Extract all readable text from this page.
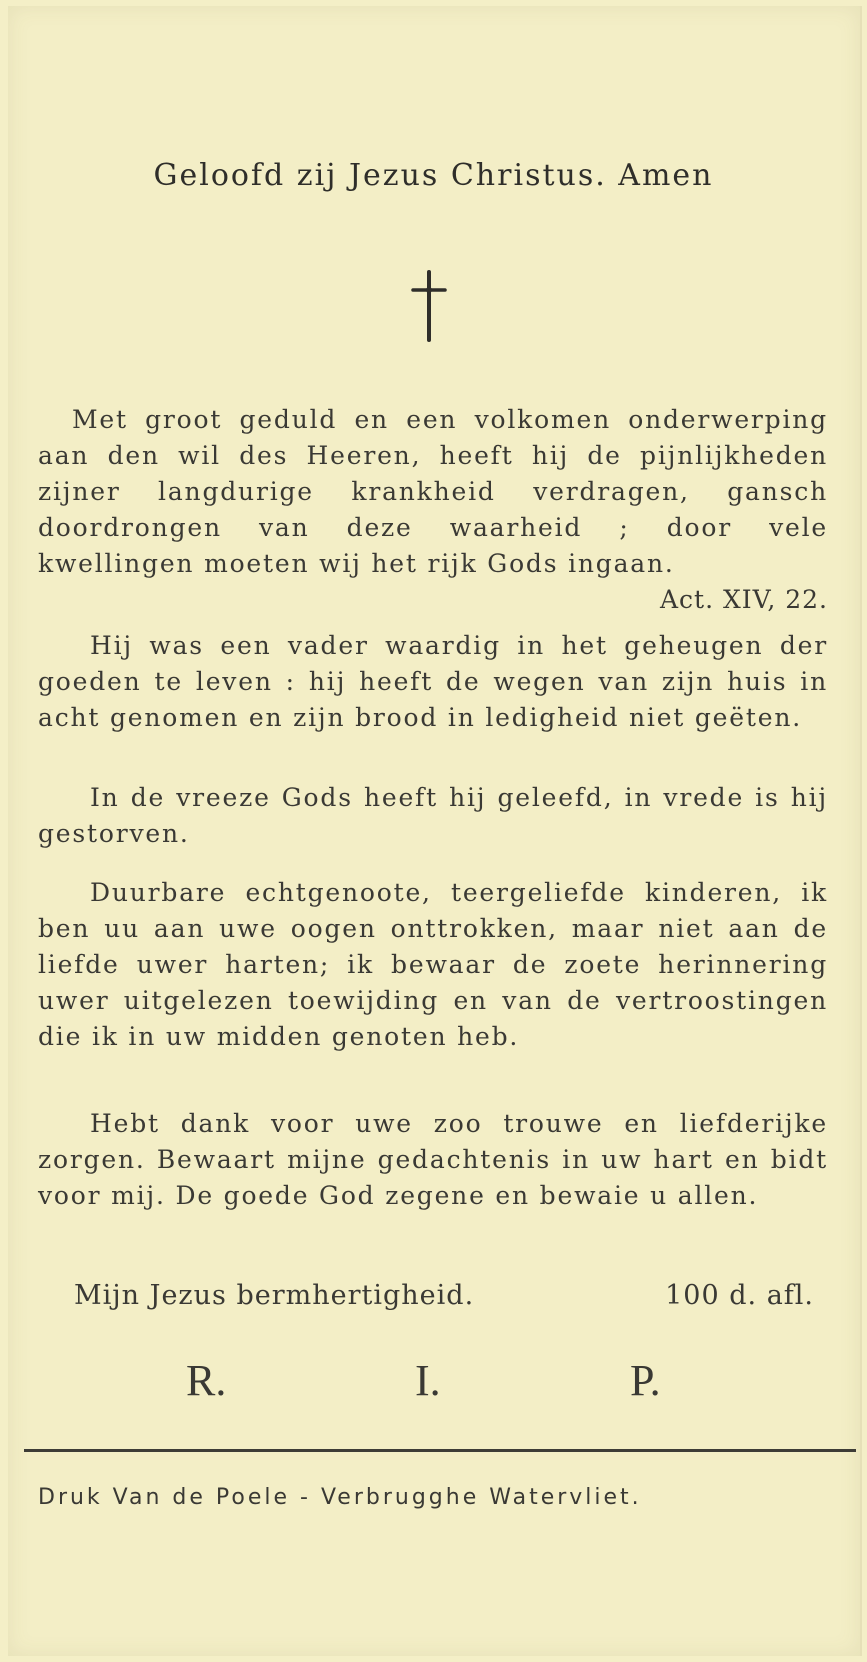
Geloofd zij Jezus Christus. Amen

Met groot geduld en een volkomen onderwerping aan den wil des Heeren, heeft hij de pijnlijkheden zijner langdurige krankheid verdragen, gansch doordrongen van deze waarheid ; door vele kwellingen moeten wij het rijk Gods ingaan.
Act. XIV, 22.

Hij was een vader waardig in het geheugen der goeden te leven : hij heeft de wegen van zijn huis in acht genomen en zijn brood in ledigheid niet geëten.

In de vreeze Gods heeft hij geleefd, in vrede is hij gestorven.

Duurbare echtgenoote, teergeliefde kinderen, ik ben uu aan uwe oogen onttrokken, maar niet aan de liefde uwer harten; ik bewaar de zoete herinnering uwer uitgelezen toewijding en van de vertroostingen die ik in uw midden genoten heb.

Hebt dank voor uwe zoo trouwe en liefderijke zorgen. Bewaart mijne gedachtenis in uw hart en bidt voor mij. De goede God zegene en bewaie u allen.

Mijn Jezus bermhertigheid.	100 d. afl.
R.	I.	P.
Druk Van de Poele - Verbrugghe Watervliet.
